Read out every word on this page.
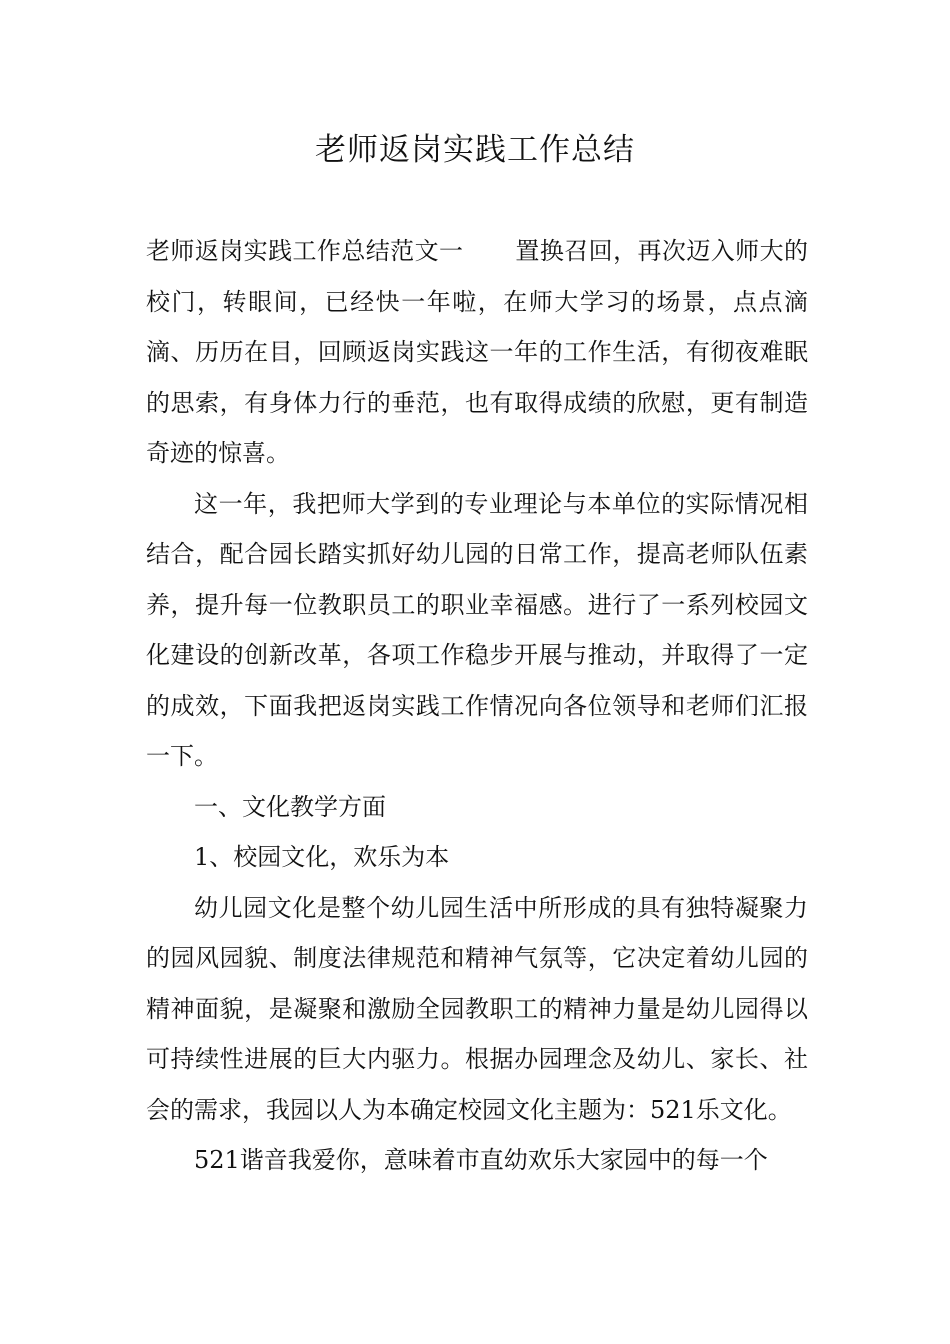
老师返岗实践工作总结

老师返岗实践工作总结范文一 置换召回，再次迈入师大的校门，转眼间，已经快一年啦，在师大学习的场景，点点滴滴、历历在目，回顾返岗实践这一年的工作生活，有彻夜难眠的思索，有身体力行的垂范，也有取得成绩的欣慰，更有制造奇迹的惊喜。

这一年，我把师大学到的专业理论与本单位的实际情况相结合，配合园长踏实抓好幼儿园的日常工作，提高老师队伍素养，提升每一位教职员工的职业幸福感。进行了一系列校园文化建设的创新改革，各项工作稳步开展与推动，并取得了一定的成效，下面我把返岗实践工作情况向各位领导和老师们汇报一下。

一、文化教学方面

1、校园文化，欢乐为本

幼儿园文化是整个幼儿园生活中所形成的具有独特凝聚力的园风园貌、制度法律规范和精神气氛等，它决定着幼儿园的精神面貌，是凝聚和激励全园教职工的精神力量是幼儿园得以可持续性进展的巨大内驱力。根据办园理念及幼儿、家长、社会的需求，我园以人为本确定校园文化主题为：521乐文化。

521谐音我爱你，意味着市直幼欢乐大家园中的每一个
